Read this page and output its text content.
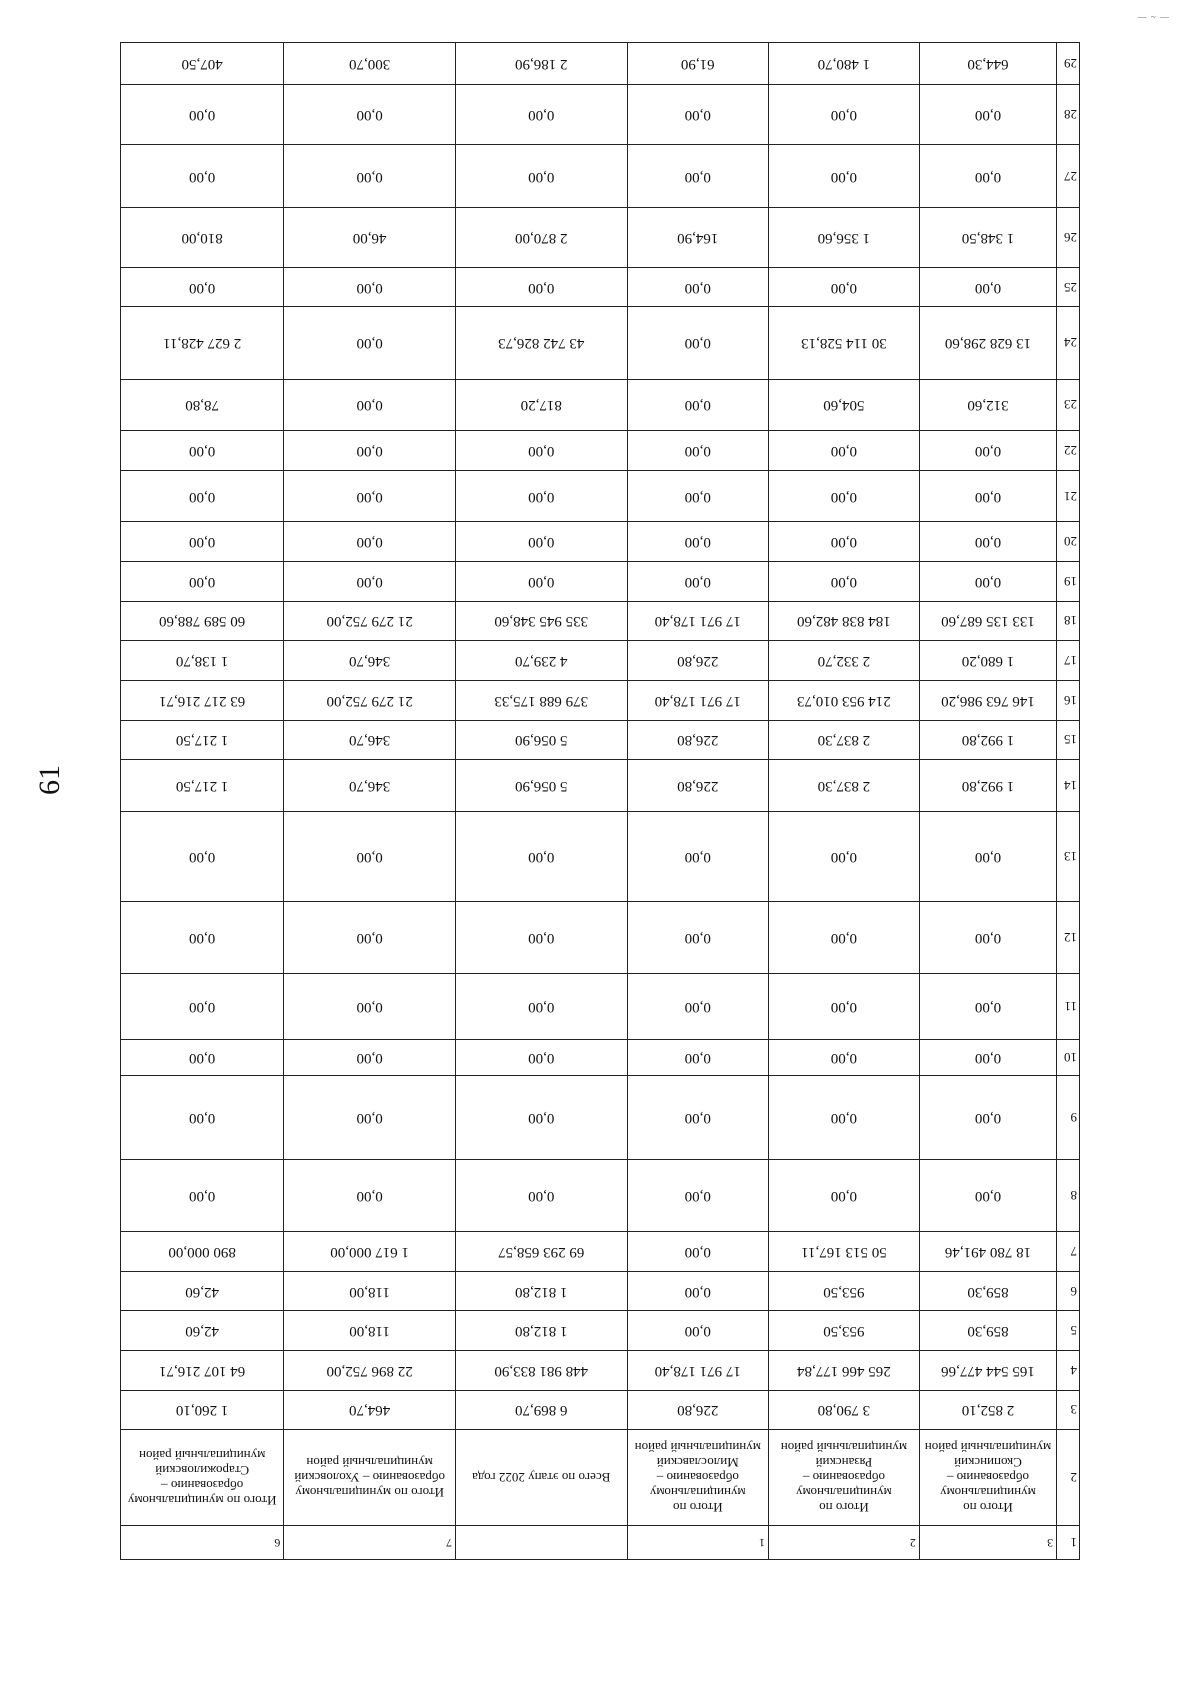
— ~ —
61
1	3	2	1		7	6
2	Итого по муниципальному образованию – Скопинский муниципальный район	Итого по муниципальному образованию – Рязанский муниципальный район	Итого по муниципальному образованию – Милославский муниципальный район	Всего по этапу 2022 года	Итого по муниципальному образованию – Ухоловский муниципальный район	Итого по муниципальному образованию – Старожиловский муниципальный район
3	2 852,10	3 790,80	226,80	6 869,70	464,70	1 260,10
4	165 544 477,66	265 466 177,84	17 971 178,40	448 981 833,90	22 896 752,00	64 107 216,71
5	859,30	953,50	0,00	1 812,80	118,00	42,60
6	859,30	953,50	0,00	1 812,80	118,00	42,60
7	18 780 491,46	50 513 167,11	0,00	69 293 658,57	1 617 000,00	890 000,00
8	0,00	0,00	0,00	0,00	0,00	0,00
9	0,00	0,00	0,00	0,00	0,00	0,00
10	0,00	0,00	0,00	0,00	0,00	0,00
11	0,00	0,00	0,00	0,00	0,00	0,00
12	0,00	0,00	0,00	0,00	0,00	0,00
13	0,00	0,00	0,00	0,00	0,00	0,00
14	1 992,80	2 837,30	226,80	5 056,90	346,70	1 217,50
15	1 992,80	2 837,30	226,80	5 056,90	346,70	1 217,50
16	146 763 986,20	214 953 010,73	17 971 178,40	379 688 175,33	21 279 752,00	63 217 216,71
17	1 680,20	2 332,70	226,80	4 239,70	346,70	1 138,70
18	133 135 687,60	184 838 482,60	17 971 178,40	335 945 348,60	21 279 752,00	60 589 788,60
19	0,00	0,00	0,00	0,00	0,00	0,00
20	0,00	0,00	0,00	0,00	0,00	0,00
21	0,00	0,00	0,00	0,00	0,00	0,00
22	0,00	0,00	0,00	0,00	0,00	0,00
23	312,60	504,60	0,00	817,20	0,00	78,80
24	13 628 298,60	30 114 528,13	0,00	43 742 826,73	0,00	2 627 428,11
25	0,00	0,00	0,00	0,00	0,00	0,00
26	1 348,50	1 356,60	164,90	2 870,00	46,00	810,00
27	0,00	0,00	0,00	0,00	0,00	0,00
28	0,00	0,00	0,00	0,00	0,00	0,00
29	644,30	1 480,70	61,90	2 186,90	300,70	407,50
